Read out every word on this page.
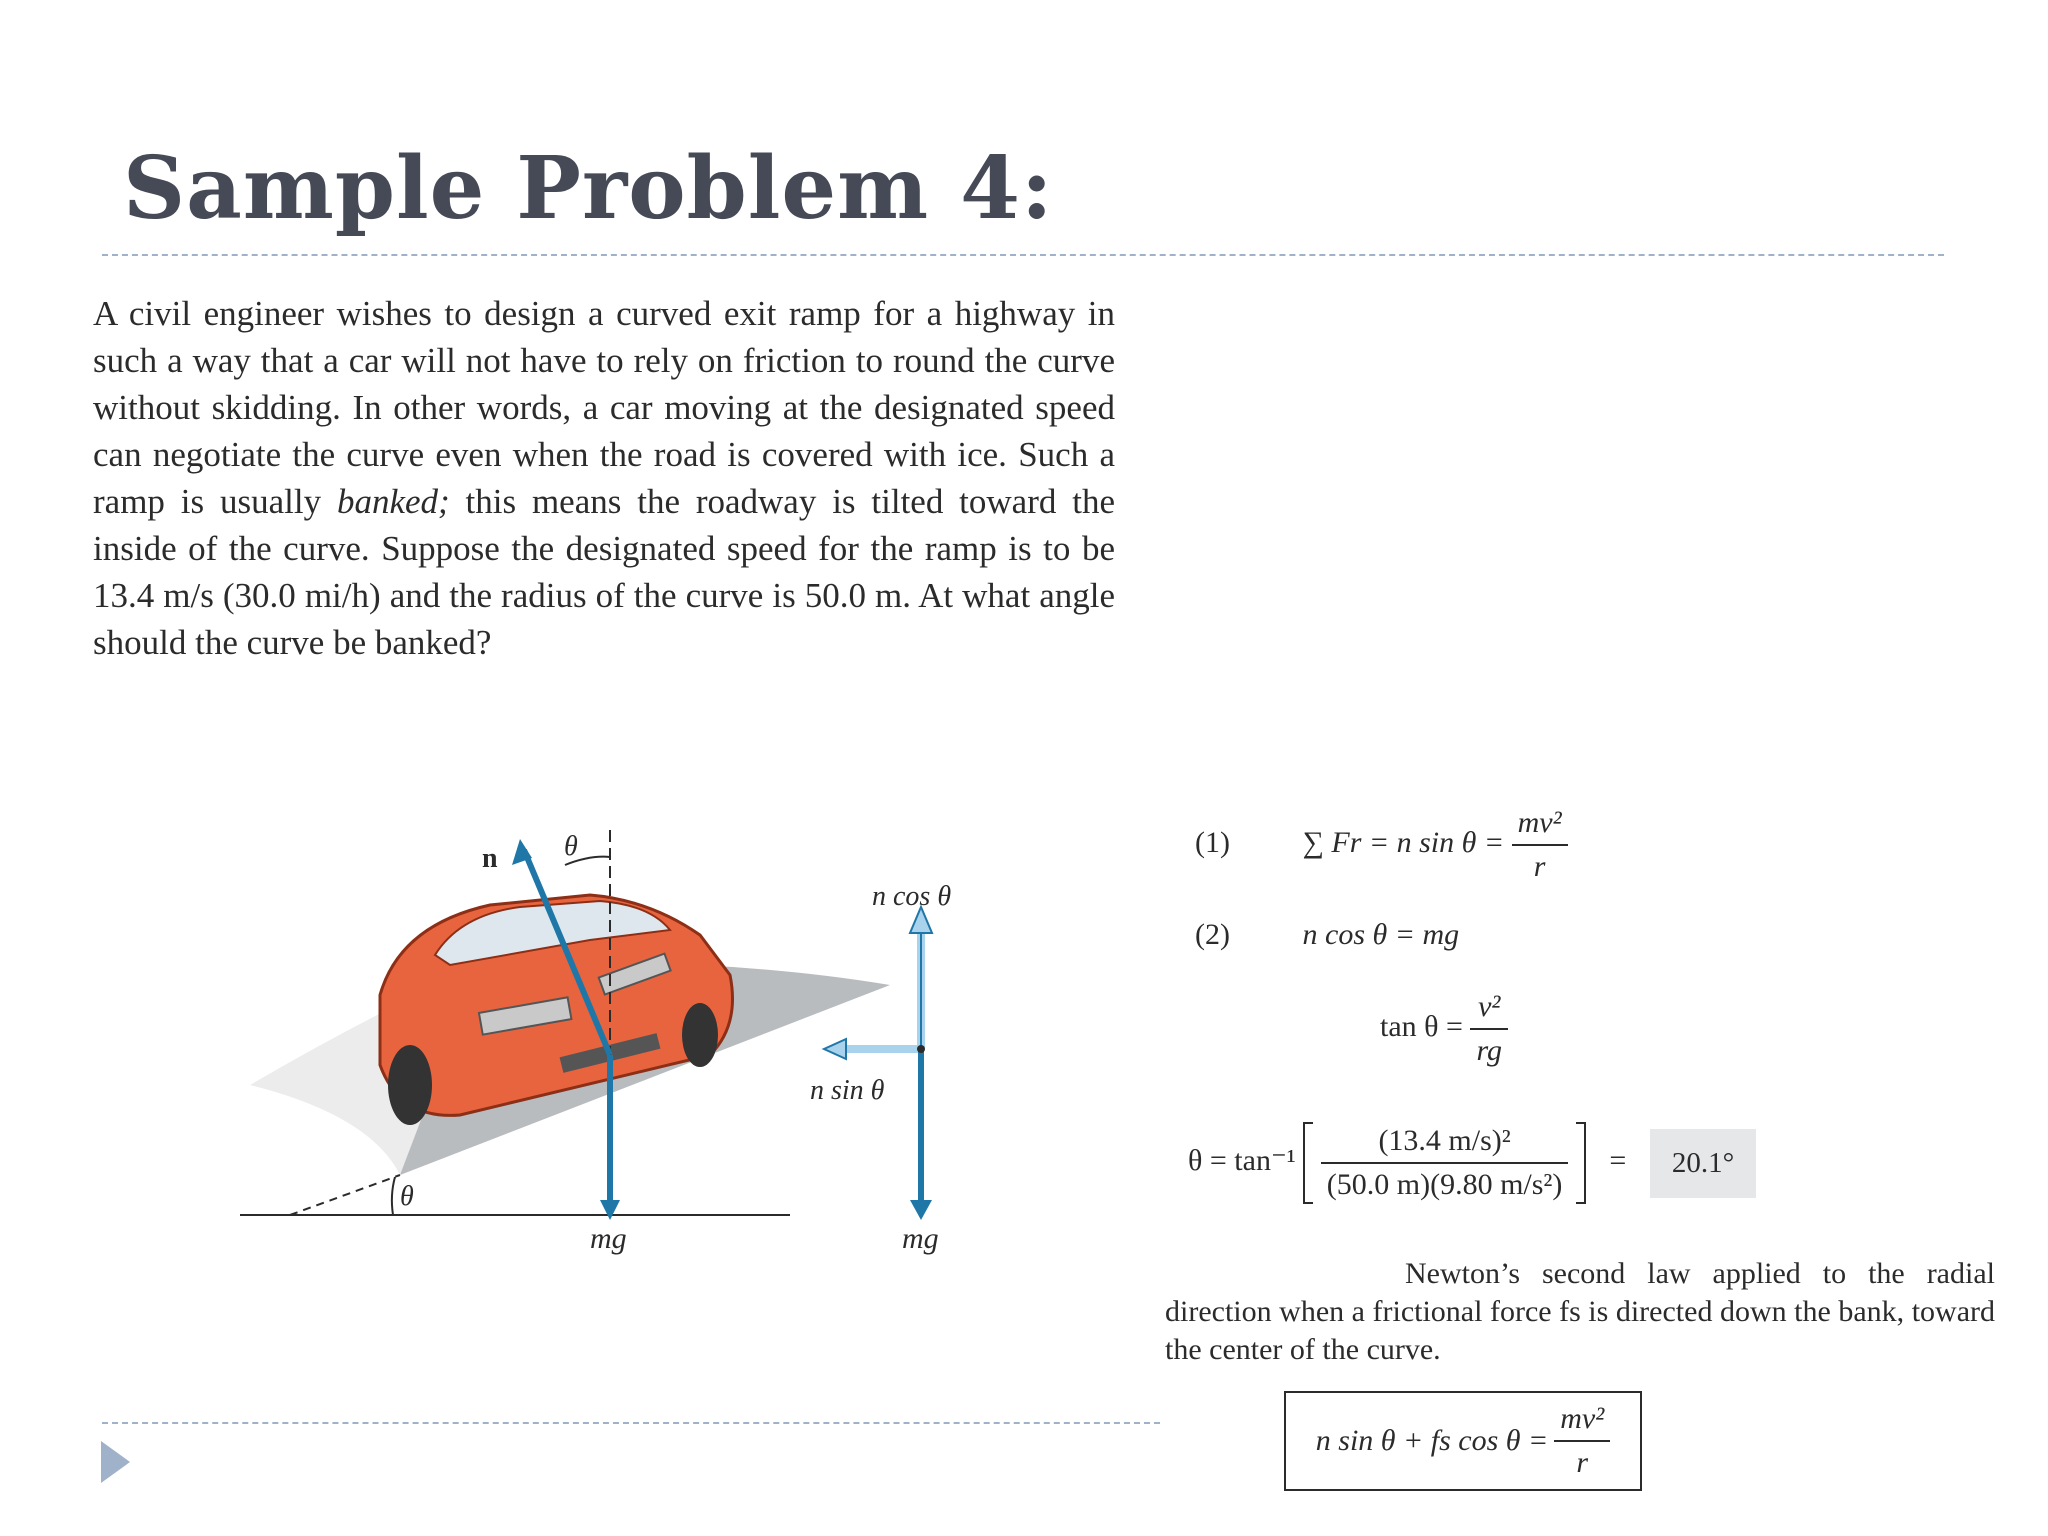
Sample Problem 4:
A civil engineer wishes to design a curved exit ramp for a highway in such a way that a car will not have to rely on friction to round the curve without skidding. In other words, a car moving at the designated speed can negotiate the curve even when the road is covered with ice. Such a ramp is usually banked; this means the roadway is tilted toward the inside of the curve. Suppose the designated speed for the ramp is to be 13.4 m/s (30.0 mi/h) and the radius of the curve is 50.0 m. At what angle should the curve be banked?
n θ
θ
mg
n cos θ
n sin θ
mg
(1) ∑ Fr = n $\sin \theta = \frac{\text{mv²}}{r}$
(2) n cos θ = mg
$\tan \theta = \frac{\text{v²}}{rg}$
$\theta = \tan^{-1} \frac{\text{(13.4 m/s)²}}{\text{(50.0 m)(9.80 m/s²)}} = 20.1^\circ$
Newton’s second law applied to the radial direction when a frictional force fs is directed down the bank, toward the center of the curve.
n sin θ + fs $\cos \theta = \frac{\text{mv²}}{r}$
